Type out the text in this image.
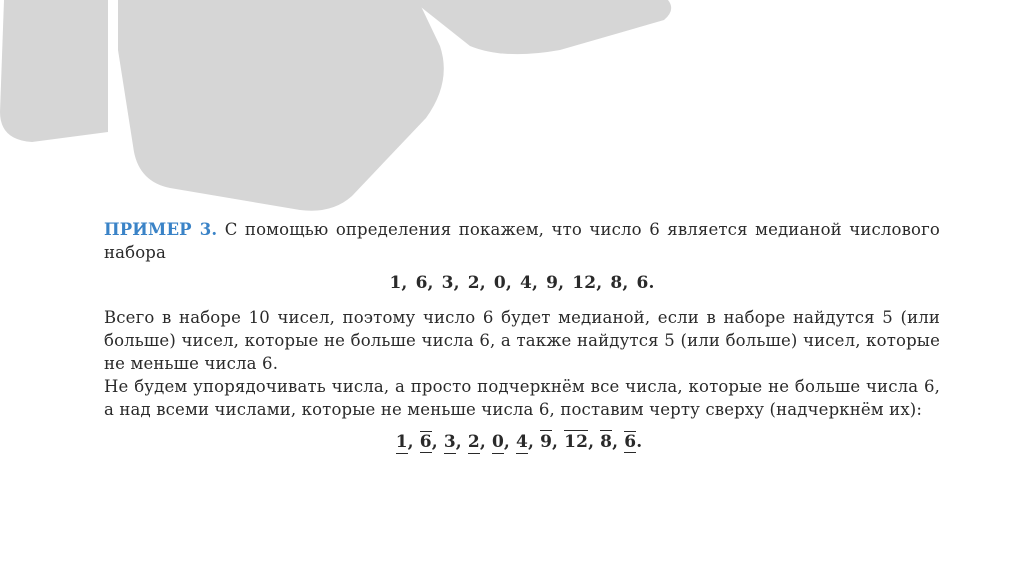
ПРИМЕР 3. С помощью определения покажем, что число 6 является медианой числового набора

1, 6, 3, 2, 0, 4, 9, 12, 8, 6.

Всего в наборе 10 чисел, поэтому число 6 будет медианой, если в наборе найдутся 5 (или больше) чисел, которые не больше числа 6, а также найдутся 5 (или больше) чисел, которые не меньше числа 6.

Не будем упорядочивать числа, а просто подчеркнём все числа, которые не больше числа 6, а над всеми числами, которые не меньше числа 6, поставим черту сверху (надчеркнём их):

1, 6, 3, 2, 0, 4, 9, 12, 8, 6.
